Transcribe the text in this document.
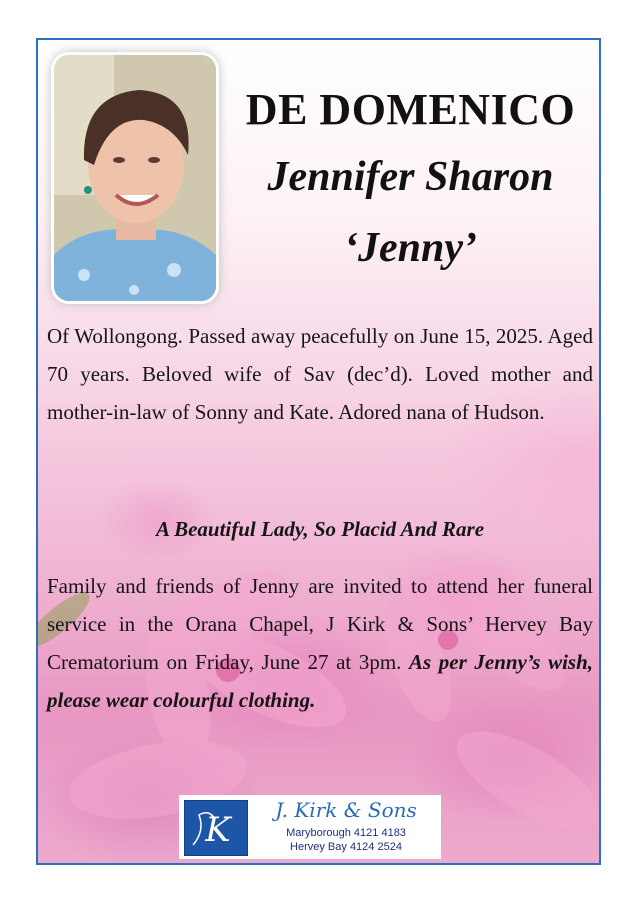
DE DOMENICO
Jennifer Sharon
‘Jenny’
Of Wollongong. Passed away peacefully on June 15, 2025. Aged 70 years. Beloved wife of Sav (dec’d). Loved mother and mother-in-law of Sonny and Kate. Adored nana of Hudson.
A Beautiful Lady, So Placid And Rare
Family and friends of Jenny are invited to attend her funeral service in the Orana Chapel, J Kirk & Sons’ Hervey Bay Crematorium on Friday, June 27 at 3pm. As per Jenny’s wish, please wear colourful clothing.
K	J. Kirk & Sons
Maryborough 4121 4183
Hervey Bay 4124 2524
